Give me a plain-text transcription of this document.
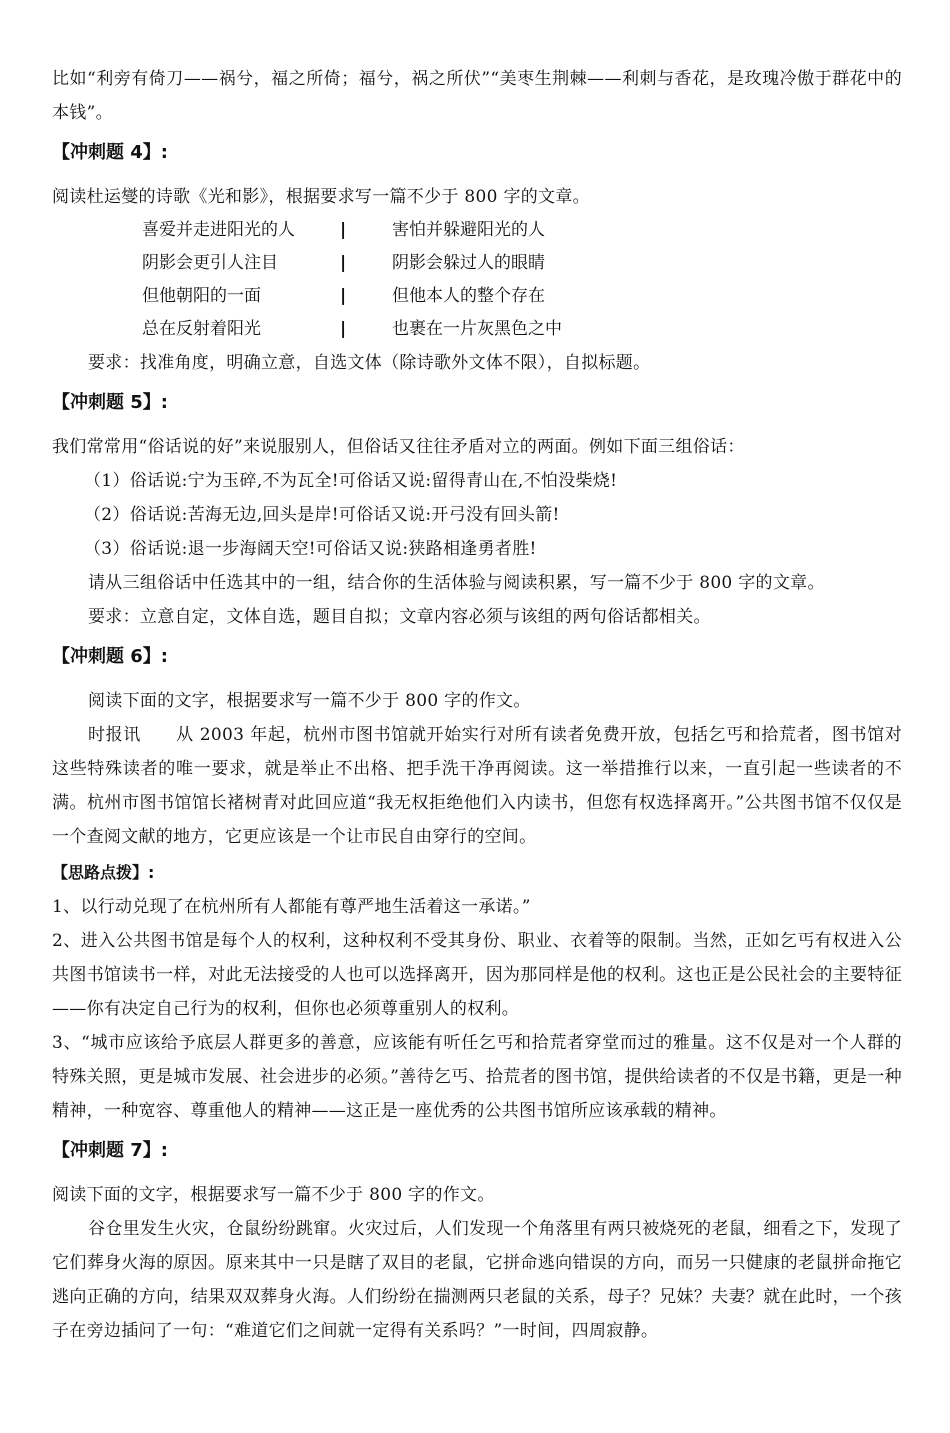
比如“利旁有倚刀——祸兮，福之所倚；福兮，祸之所伏”“美枣生荆棘——利刺与香花，是玫瑰冷傲于群花中的本钱”。

【冲刺题 4】:

阅读杜运燮的诗歌《光和影》，根据要求写一篇不少于 800 字的文章。

喜爱并走进阳光的人	|	害怕并躲避阳光的人
阴影会更引人注目	|	阴影会躲过人的眼睛
但他朝阳的一面	|	但他本人的整个存在
总在反射着阳光	|	也裹在一片灰黑色之中

要求：找准角度，明确立意，自选文体（除诗歌外文体不限），自拟标题。

【冲刺题 5】:

我们常常用“俗话说的好”来说服别人，但俗话又往往矛盾对立的两面。例如下面三组俗话：

（1）俗话说:宁为玉碎,不为瓦全!可俗话又说:留得青山在,不怕没柴烧!

（2）俗话说:苦海无边,回头是岸!可俗话又说:开弓没有回头箭!

（3）俗话说:退一步海阔天空!可俗话又说:狭路相逢勇者胜!

请从三组俗话中任选其中的一组，结合你的生活体验与阅读积累，写一篇不少于 800 字的文章。

要求：立意自定，文体自选，题目自拟；文章内容必须与该组的两句俗话都相关。

【冲刺题 6】:

阅读下面的文字，根据要求写一篇不少于 800 字的作文。

时报讯　　从 2003 年起，杭州市图书馆就开始实行对所有读者免费开放，包括乞丐和拾荒者，图书馆对这些特殊读者的唯一要求，就是举止不出格、把手洗干净再阅读。这一举措推行以来，一直引起一些读者的不满。杭州市图书馆馆长褚树青对此回应道“我无权拒绝他们入内读书，但您有权选择离开。”公共图书馆不仅仅是一个查阅文献的地方，它更应该是一个让市民自由穿行的空间。

【思路点拨】:

1、以行动兑现了在杭州所有人都能有尊严地生活着这一承诺。”

2、进入公共图书馆是每个人的权利，这种权利不受其身份、职业、衣着等的限制。当然，正如乞丐有权进入公共图书馆读书一样，对此无法接受的人也可以选择离开，因为那同样是他的权利。这也正是公民社会的主要特征——你有决定自己行为的权利，但你也必须尊重别人的权利。

3、“城市应该给予底层人群更多的善意，应该能有听任乞丐和拾荒者穿堂而过的雅量。这不仅是对一个人群的特殊关照，更是城市发展、社会进步的必须。”善待乞丐、拾荒者的图书馆，提供给读者的不仅是书籍，更是一种精神，一种宽容、尊重他人的精神——这正是一座优秀的公共图书馆所应该承载的精神。

【冲刺题 7】:

阅读下面的文字，根据要求写一篇不少于 800 字的作文。

谷仓里发生火灾，仓鼠纷纷跳窜。火灾过后，人们发现一个角落里有两只被烧死的老鼠，细看之下，发现了它们葬身火海的原因。原来其中一只是瞎了双目的老鼠，它拼命逃向错误的方向，而另一只健康的老鼠拼命拖它逃向正确的方向，结果双双葬身火海。人们纷纷在揣测两只老鼠的关系，母子？兄妹？夫妻？就在此时，一个孩子在旁边插问了一句：“难道它们之间就一定得有关系吗？”一时间，四周寂静。
